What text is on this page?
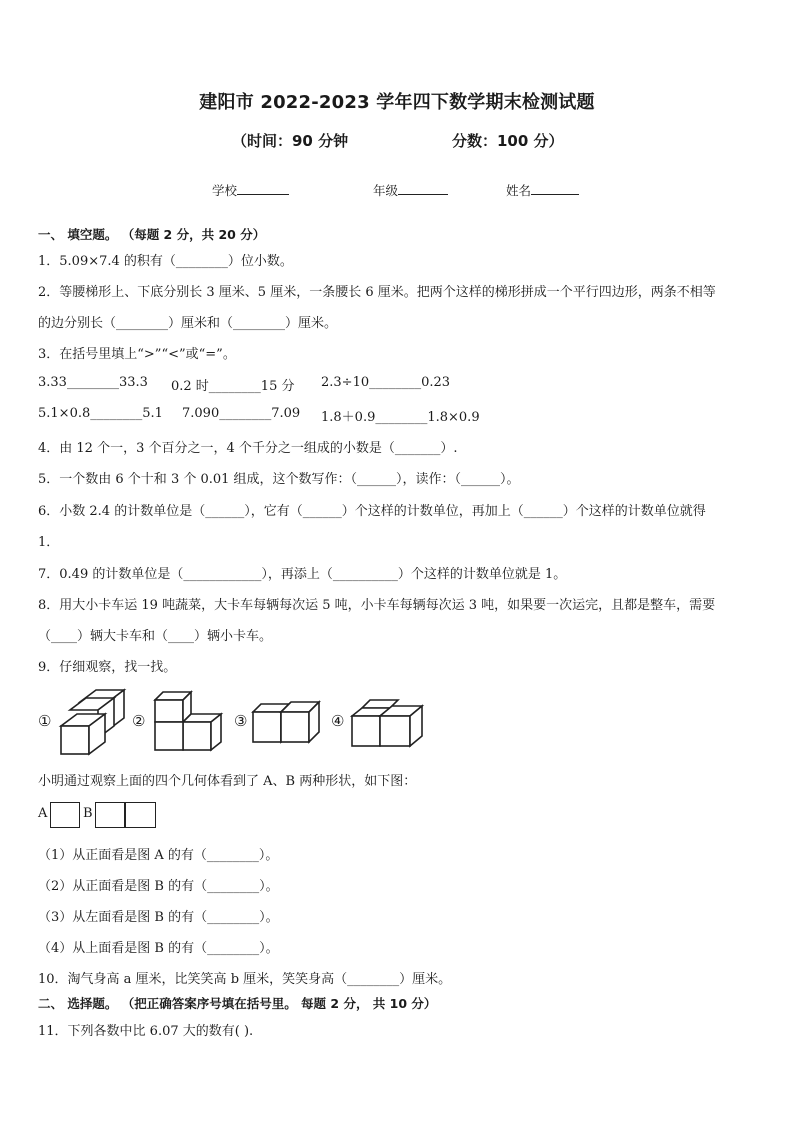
建阳市 2022-2023 学年四下数学期末检测试题
（时间：90 分钟	分数：100 分）
学校	年级	姓名
一、 填空题。 （每题 2 分，共 20 分）
1．5.09×7.4 的积有（________）位小数。
2．等腰梯形上、下底分别长 3 厘米、5 厘米，一条腰长 6 厘米。把两个这样的梯形拼成一个平行四边形，两条不相等
的边分别长（________）厘米和（________）厘米。
3．在括号里填上“>”“<”或“=”。
3.33________33.3 0.2 时________15 分 2.3÷10________0.23
5.1×0.8________5.1 7.090________7.09 1.8＋0.9________1.8×0.9
4．由 12 个一，3 个百分之一，4 个千分之一组成的小数是（_______）.
5．一个数由 6 个十和 3 个 0.01 组成，这个数写作：（______），读作：（______）。
6．小数 2.4 的计数单位是（______），它有（______）个这样的计数单位，再加上（______）个这样的计数单位就得
1．
7．0.49 的计数单位是（____________），再添上（__________）个这样的计数单位就是 1。
8．用大小卡车运 19 吨蔬菜，大卡车每辆每次运 5 吨，小卡车每辆每次运 3 吨，如果要一次运完，且都是整车，需要
（____）辆大卡车和（____）辆小卡车。
9．仔细观察，找一找。
①	②	③	④
小明通过观察上面的四个几何体看到了 A、B 两种形状，如下图：
A	B
（1）从正面看是图 A 的有（________）。
（2）从正面看是图 B 的有（________）。
（3）从左面看是图 B 的有（________）。
（4）从上面看是图 B 的有（________）。
10．淘气身高 a 厘米，比笑笑高 b 厘米，笑笑身高（________）厘米。
二、 选择题。 （把正确答案序号填在括号里。 每题 2 分， 共 10 分）
11．下列各数中比 6.07 大的数有( ).
